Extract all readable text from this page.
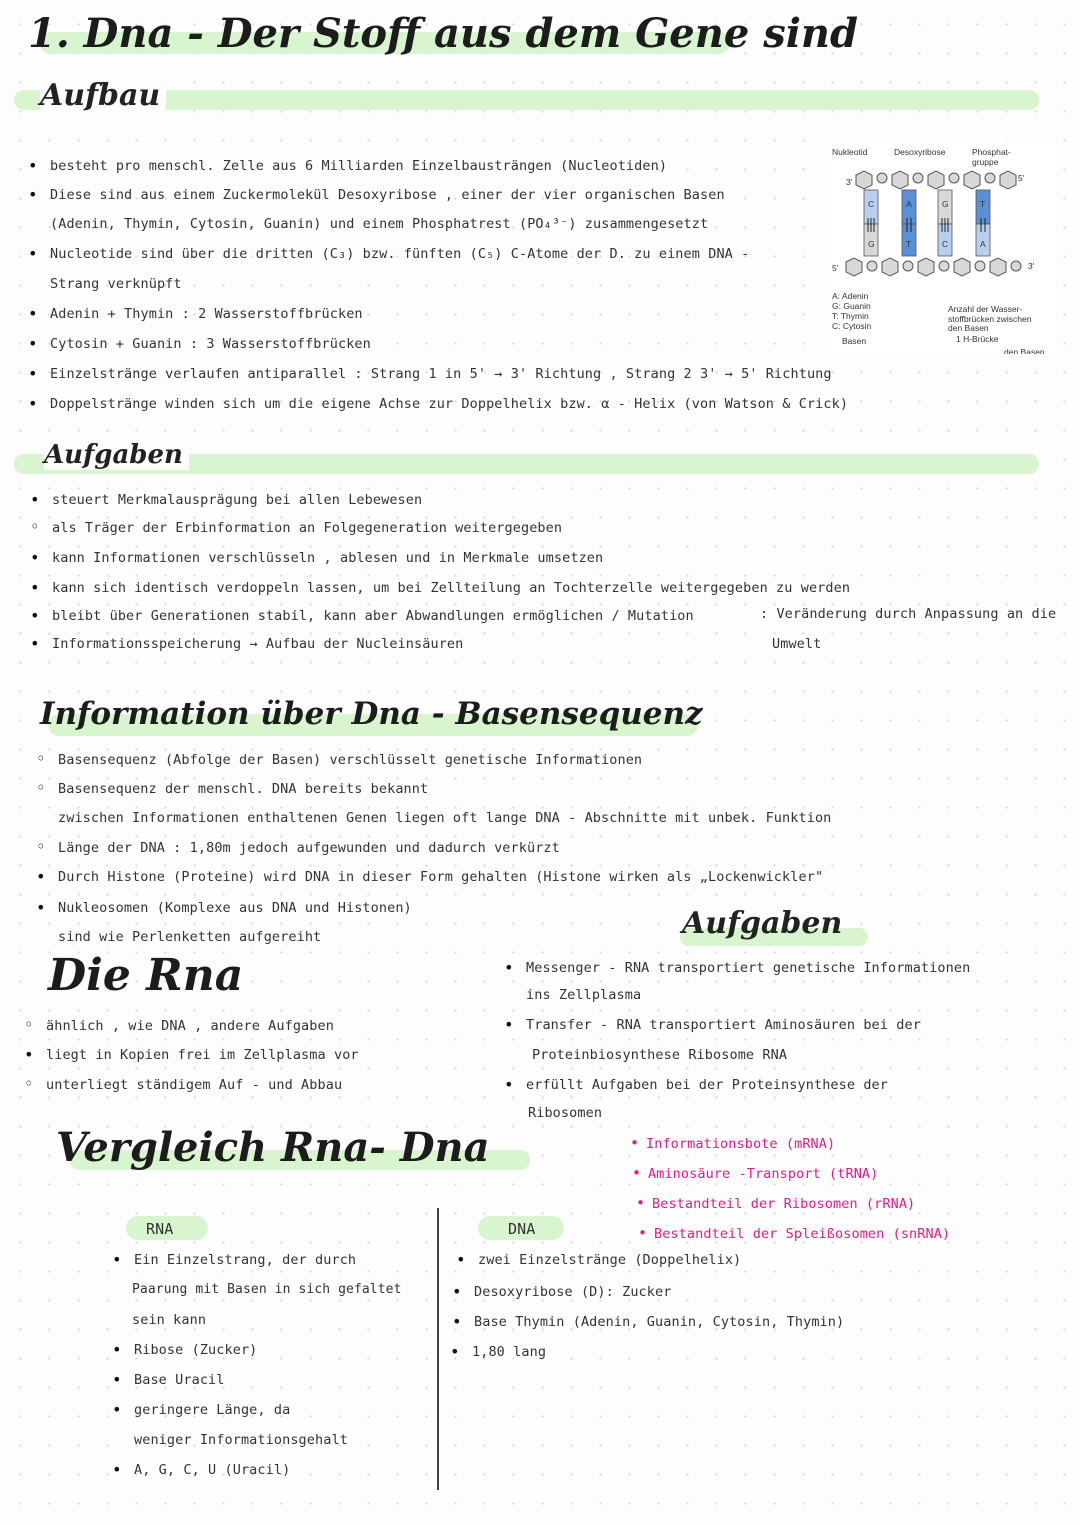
1. Dna - Der Stoff aus dem Gene sind
Aufbau
• besteht pro menschl. Zelle aus 6 Milliarden Einzelbausträngen (Nucleotiden)
• Diese sind aus einem Zuckermolekül Desoxyribose , einer der vier organischen Basen
(Adenin, Thymin, Cytosin, Guanin) und einem Phosphatrest (PO₄³⁻) zusammengesetzt
• Nucleotide sind über die dritten (C₃) bzw. fünften (C₅) C-Atome der D. zu einem DNA -
Strang verknüpft
• Adenin + Thymin : 2 Wasserstoffbrücken
• Cytosin + Guanin : 3 Wasserstoffbrücken
• Einzelstränge verlaufen antiparallel : Strang 1 in 5' → 3' Richtung , Strang 2 3' → 5' Richtung
• Doppelstränge winden sich um die eigene Achse zur Doppelhelix bzw. α - Helix (von Watson & Crick)
Nukleotid	Desoxyribose	Phosphat- gruppe
3'	5'
5'	3'
C	A	G	T
G	T	C	A
A: Adenin
G: Guanin
T: Thymin
C: Cytosin
Basen
Anzahl der Wasser- stoffbrücken zwischen den Basen
1 H-Brücke
den Basen
Aufgaben
• steuert Merkmalausprägung bei allen Lebewesen
◦ als Träger der Erbinformation an Folgegeneration weitergegeben
• kann Informationen verschlüsseln , ablesen und in Merkmale umsetzen
• kann sich identisch verdoppeln lassen, um bei Zellteilung an Tochterzelle weitergegeben zu werden
• bleibt über Generationen stabil, kann aber Abwandlungen ermöglichen / Mutation	: Veränderung durch Anpassung an die
• Informationsspeicherung → Aufbau der Nucleinsäuren	Umwelt
Information über Dna - Basensequenz
◦ Basensequenz (Abfolge der Basen) verschlüsselt genetische Informationen
◦ Basensequenz der menschl. DNA bereits bekannt
zwischen Informationen enthaltenen Genen liegen oft lange DNA - Abschnitte mit unbek. Funktion
◦ Länge der DNA : 1,80m jedoch aufgewunden und dadurch verkürzt
• Durch Histone (Proteine) wird DNA in dieser Form gehalten (Histone wirken als „Lockenwickler"
• Nukleosomen (Komplexe aus DNA und Histonen)
sind wie Perlenketten aufgereiht
Die Rna
◦ ähnlich , wie DNA , andere Aufgaben
• liegt in Kopien frei im Zellplasma vor
◦ unterliegt ständigem Auf - und Abbau
Aufgaben
• Messenger - RNA transportiert genetische Informationen
ins Zellplasma
• Transfer - RNA transportiert Aminosäuren bei der
Proteinbiosynthese Ribosome RNA
• erfüllt Aufgaben bei der Proteinsynthese der
Ribosomen
• Informationsbote (mRNA)
• Aminosäure -Transport (tRNA)
• Bestandteil der Ribosomen (rRNA)
• Bestandteil der Spleißosomen (snRNA)
Vergleich Rna- Dna
RNA	DNA
• Ein Einzelstrang, der durch
Paarung mit Basen in sich gefaltet
sein kann
• Ribose (Zucker)
• Base Uracil
• geringere Länge, da
weniger Informationsgehalt
• A, G, C, U (Uracil)
• zwei Einzelstränge (Doppelhelix)
• Desoxyribose (D): Zucker
• Base Thymin (Adenin, Guanin, Cytosin, Thymin)
• 1,80 lang
